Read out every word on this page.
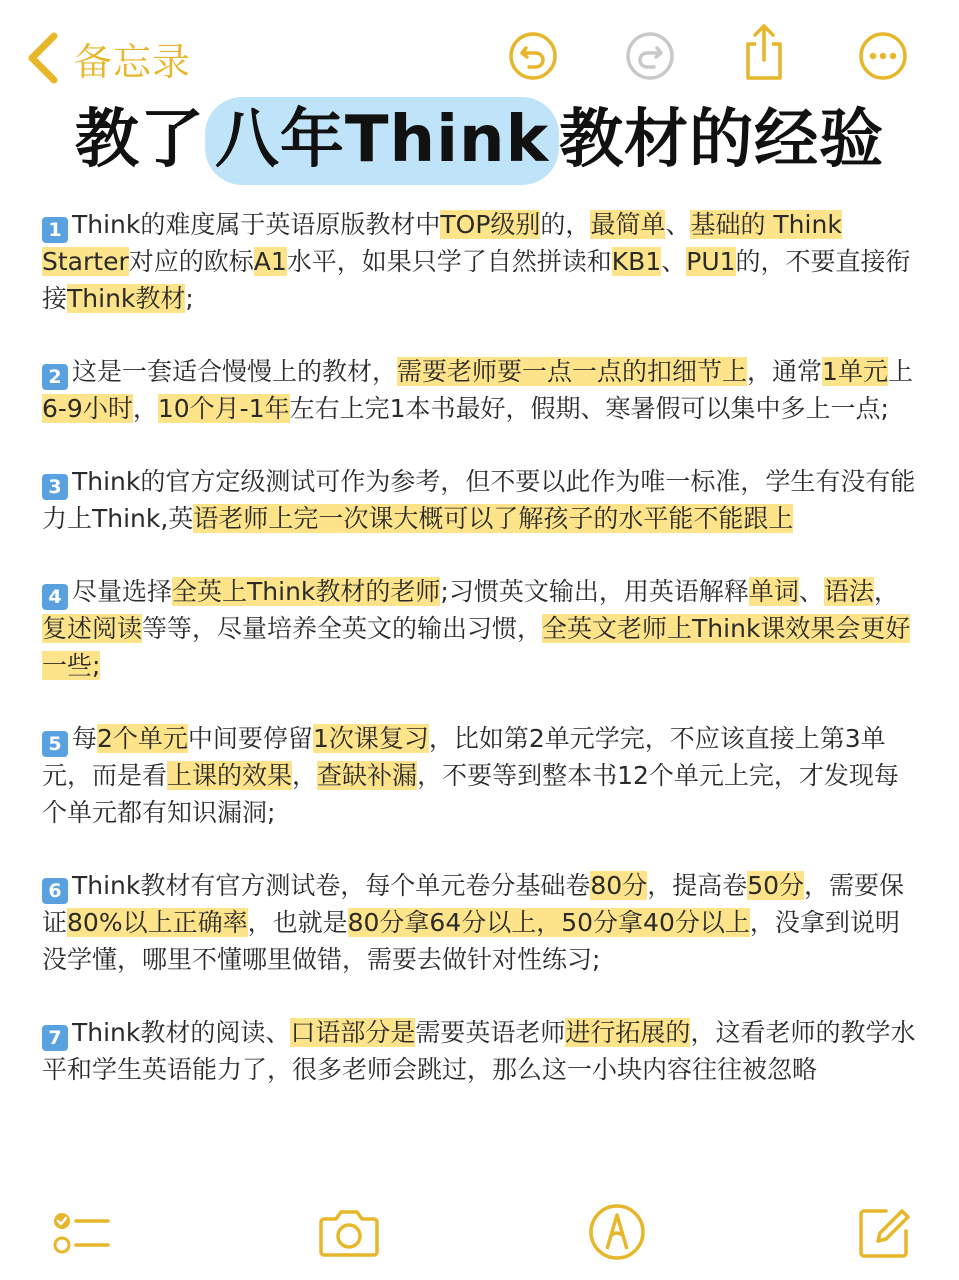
备忘录
教了 八年Think 教材的经验
1 Think的难度属于英语原版教材中TOP级别的，最简单、基础的 Think Starter对应的欧标A1水平，如果只学了自然拼读和KB1、PU1的，不要直接衔接Think教材;
2 这是一套适合慢慢上的教材，需要老师要一点一点的扣细节上，通常1单元上6-9小时，10个月-1年左右上完1本书最好，假期、寒暑假可以集中多上一点;
3 Think的官方定级测试可作为参考，但不要以此作为唯一标准，学生有没有能力上Think,英语老师上完一次课大概可以了解孩子的水平能不能跟上
4 尽量选择全英上Think教材的老师;习惯英文输出，用英语解释单词、语法，复述阅读等等，尽量培养全英文的输出习惯，全英文老师上Think课效果会更好一些;
5 每2个单元中间要停留1次课复习，比如第2单元学完，不应该直接上第3单元，而是看上课的效果，查缺补漏，不要等到整本书12个单元上完，才发现每个单元都有知识漏洞;
6 Think教材有官方测试卷，每个单元卷分基础卷80分，提高卷50分，需要保证80%以上正确率，也就是80分拿64分以上，50分拿40分以上，没拿到说明没学懂，哪里不懂哪里做错，需要去做针对性练习;
7 Think教材的阅读、口语部分是需要英语老师进行拓展的，这看老师的教学水平和学生英语能力了，很多老师会跳过，那么这一小块内容往往被忽略
